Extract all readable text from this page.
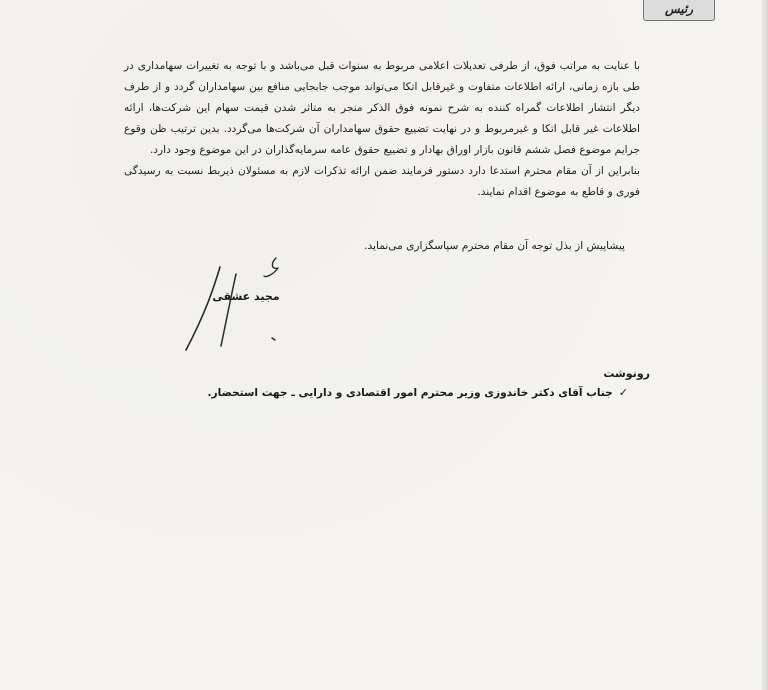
رئیس

با عنایت به مراتب فوق، از طرفی تعدیلات اعلامی مربوط به سنوات قبل می‌باشد و با توجه به تغییرات سهامداری در طی بازه زمانی، ارائه اطلاعات متفاوت و غیرقابل اتکا می‌تواند موجب جابجایی منافع بین سهامداران گردد و از طرف دیگر انتشار اطلاعات گمراه کننده به شرح نمونه فوق الذکر منجر به متاثر شدن قیمت سهام این شرکت‌ها، ارائه اطلاعات غیر قابل اتکا و غیرمربوط و در نهایت تضییع حقوق سهامداران آن شرکت‌ها می‌گردد. بدین ترتیب ظن وقوع جرایم موضوع فصل ششم قانون بازار اوراق بهادار و تضییع حقوق عامه سرمایه‌گذاران در این موضوع وجود دارد.

بنابراین از آن مقام محترم استدعا دارد دستور فرمایند ضمن ارائه تذکرات لازم به مسئولان ذیربط نسبت به رسیدگی فوری و قاطع به موضوع اقدام نمایند.

پیشاپیش از بذل توجه آن مقام محترم سپاسگزاری می‌نماید.
مجید عشقی
رونوشت
✓
جناب آقای دکتر خاندوزی وزیر محترم امور اقتصادی و دارایی ـ جهت استحضار.
